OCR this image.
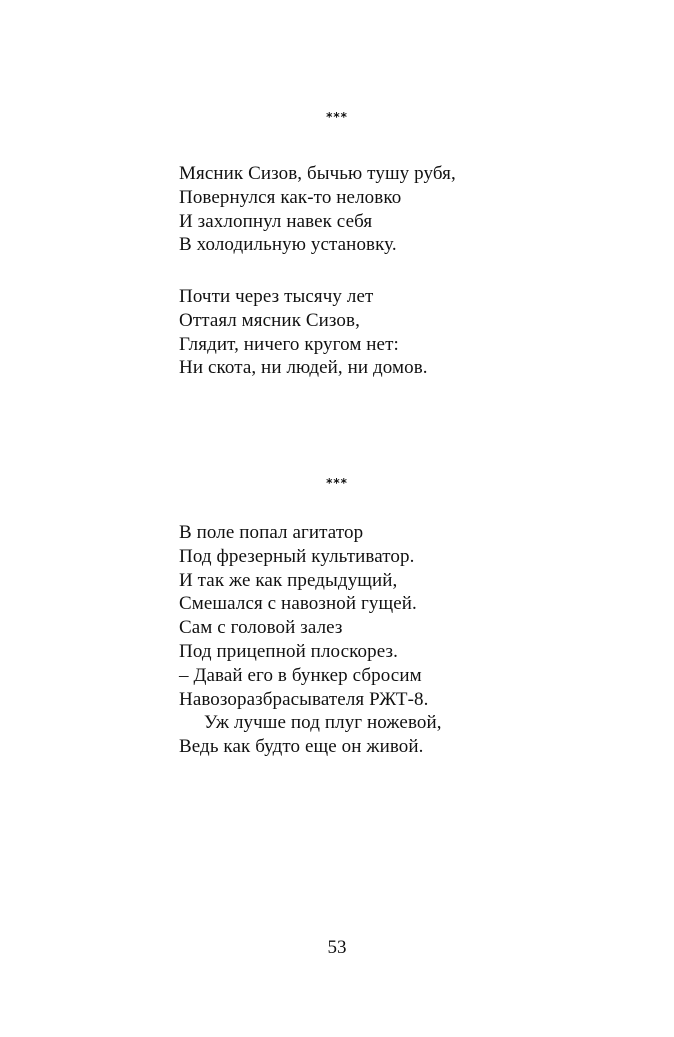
***
Мясник Сизов, бычью тушу рубя,
Повернулся как-то неловко
И захлопнул навек себя
В холодильную установку.
Почти через тысячу лет
Оттаял мясник Сизов,
Глядит, ничего кругом нет:
Ни скота, ни людей, ни домов.
***
В поле попал агитатор
Под фрезерный культиватор.
И так же как предыдущий,
Смешался с навозной гущей.
Сам с головой залез
Под прицепной плоскорез.
– Давай его в бункер сбросим
Навозоразбрасывателя РЖТ-8.
Уж лучше под плуг ножевой,
Ведь как будто еще он живой.
53
